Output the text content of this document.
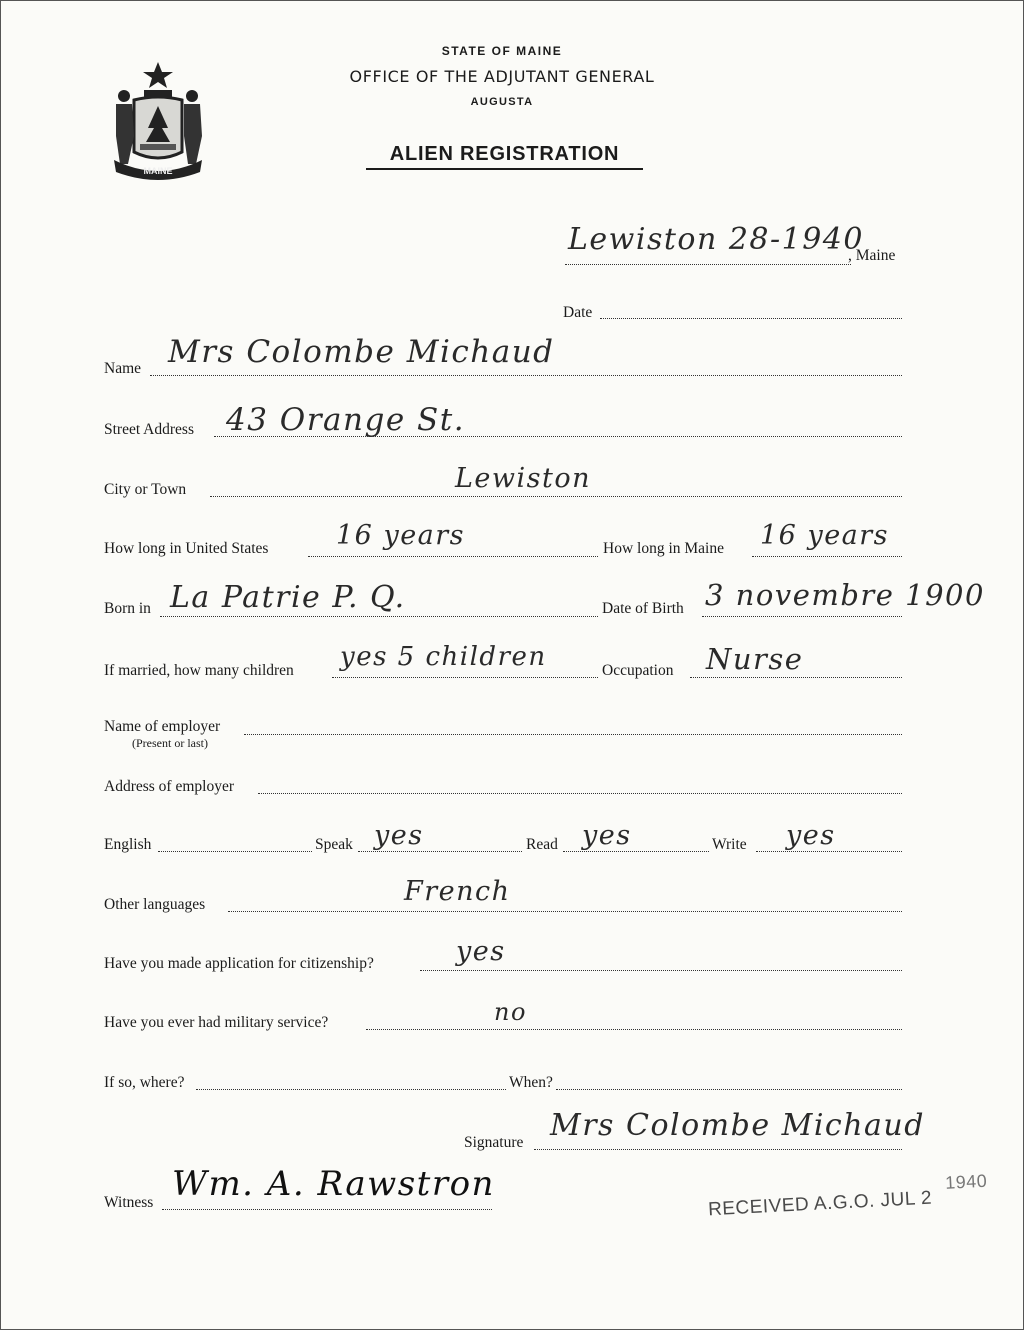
MAINE
STATE OF MAINE
OFFICE OF THE ADJUTANT GENERAL
AUGUSTA
ALIEN REGISTRATION
Lewiston 28-1940
, Maine
Date
Name Mrs Colombe Michaud
Street Address 43 Orange St.
City or Town	Lewiston
How long in United States	16 years	How long in Maine 16 years
Born in La Patrie P. Q.	Date of Birth 3 novembre 1900
If married, how many children yes 5 children	Occupation Nurse
Name of employer
(Present or last)
Address of employer
English	Speak yes	Read yes	Write yes
Other languages	French
Have you made application for citizenship?	yes
Have you ever had military service?	no
If so, where?	When?
Signature Mrs Colombe Michaud
Witness Wm. A. Rawstron	RECEIVED A.G.O. JUL 21940
